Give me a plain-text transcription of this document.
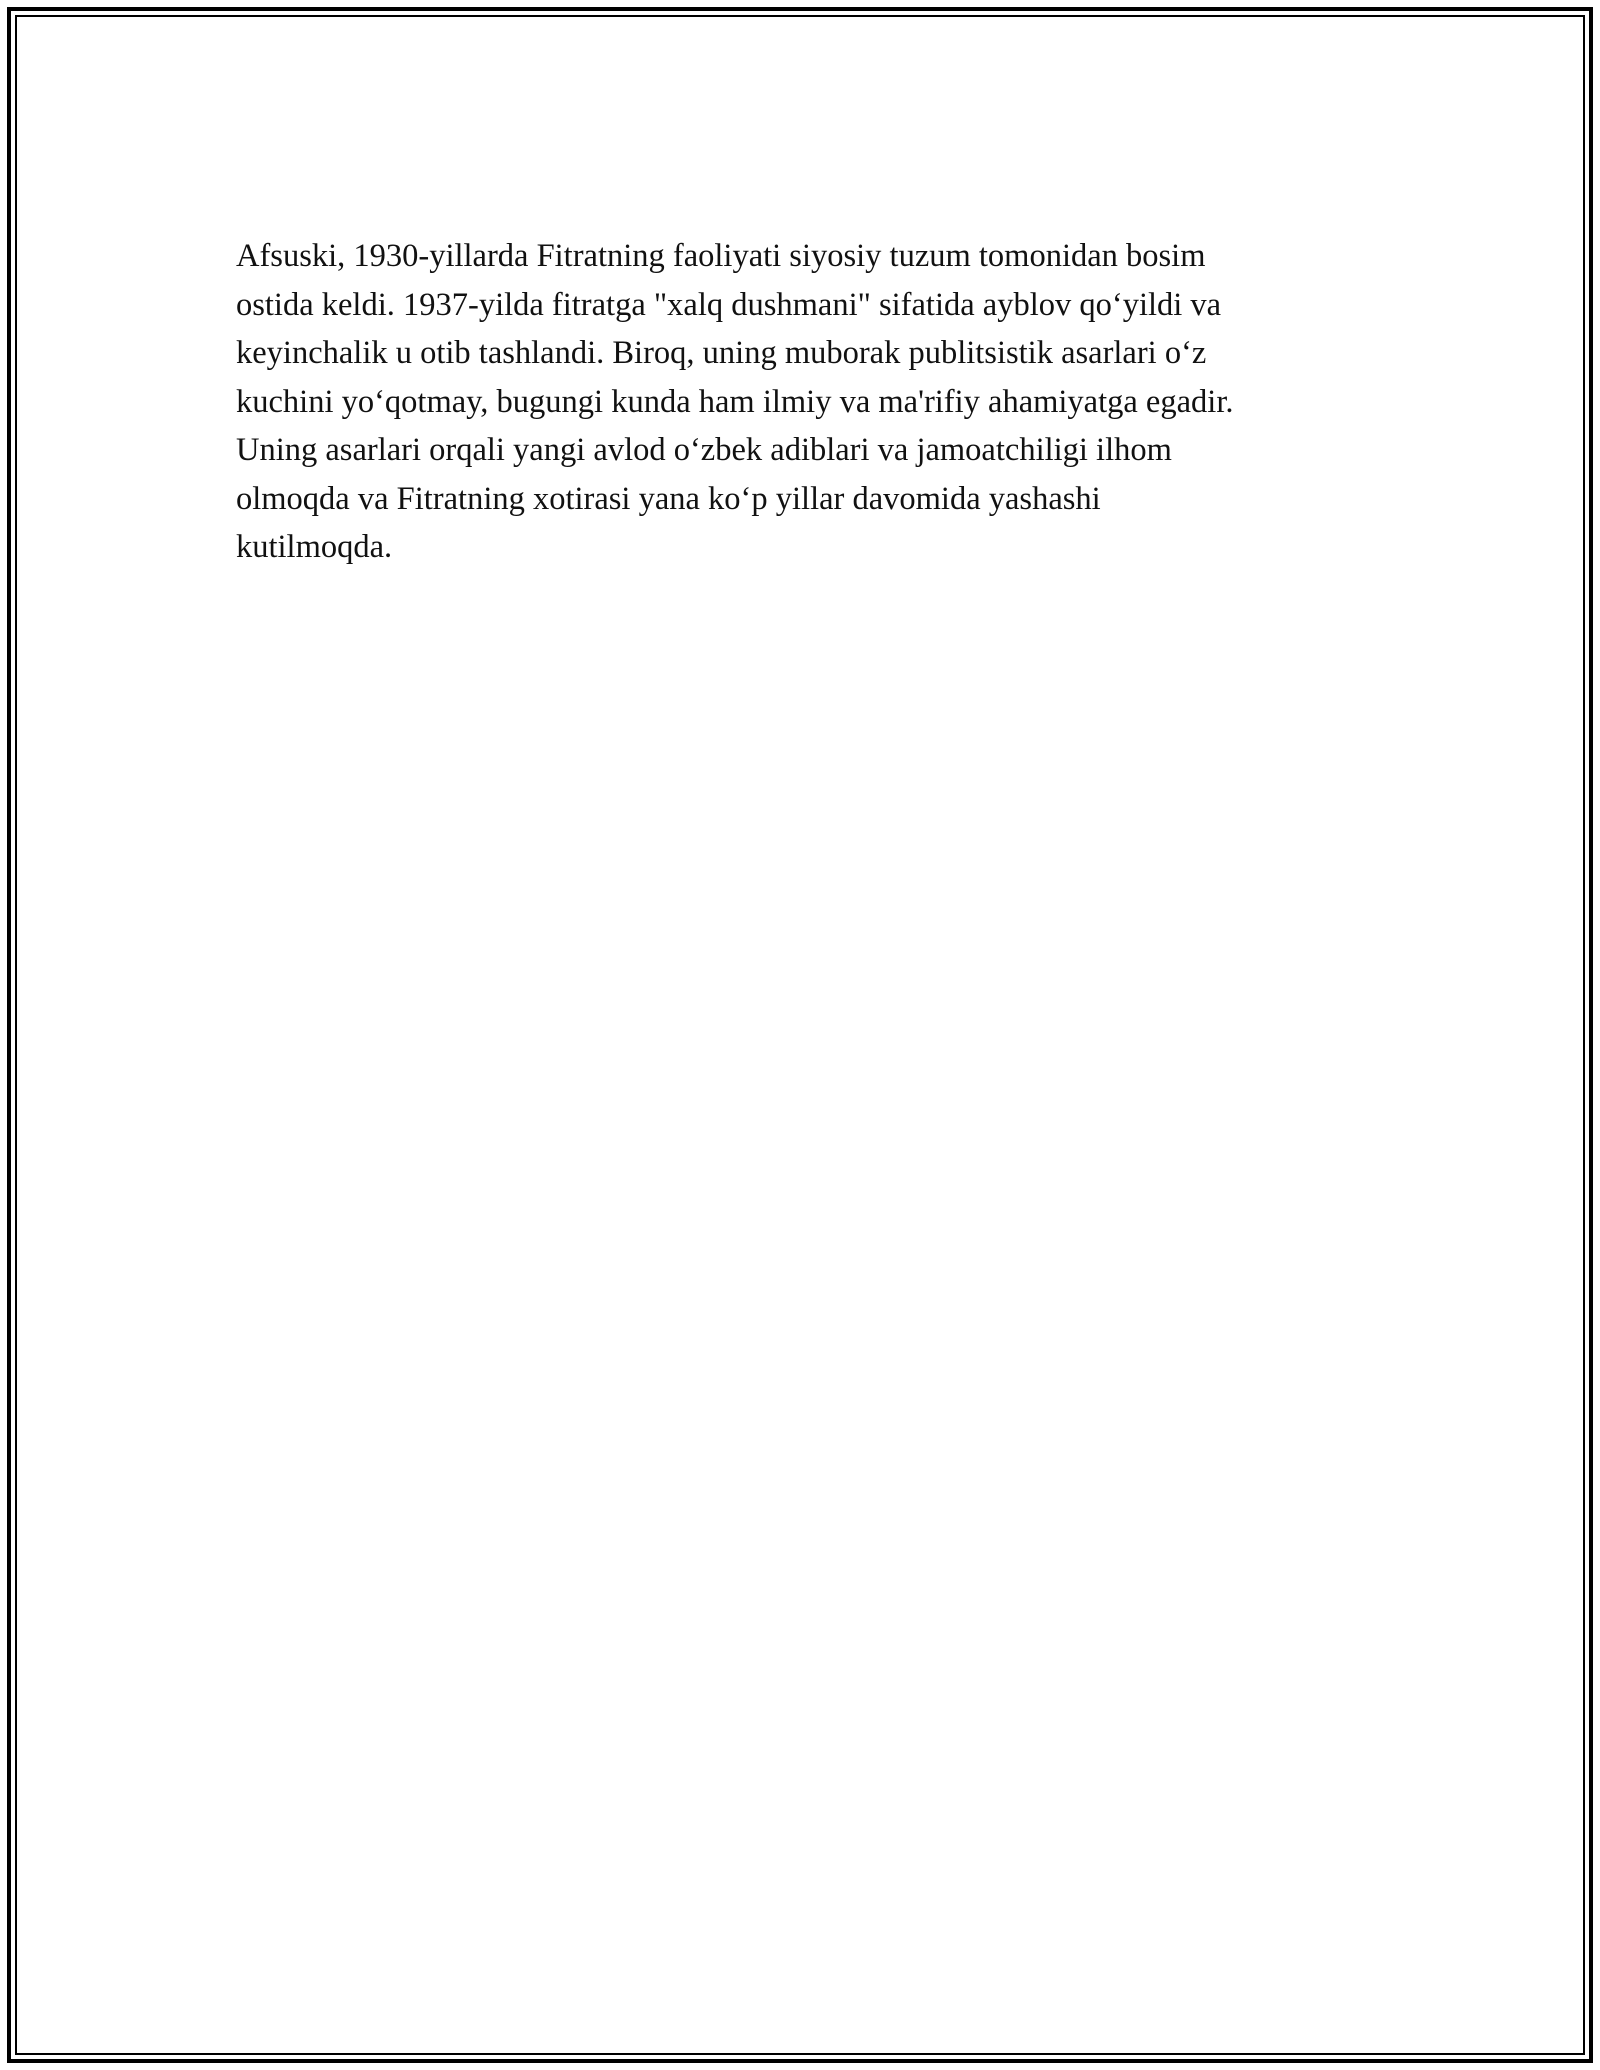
Afsuski, 1930-yillarda Fitratning faoliyati siyosiy tuzum tomonidan bosim
ostida keldi. 1937-yilda fitratga "xalq dushmani" sifatida ayblov qo‘yildi va
keyinchalik u otib tashlandi. Biroq, uning muborak publitsistik asarlari o‘z
kuchini yo‘qotmay, bugungi kunda ham ilmiy va ma'rifiy ahamiyatga egadir.
Uning asarlari orqali yangi avlod o‘zbek adiblari va jamoatchiligi ilhom
olmoqda va Fitratning xotirasi yana ko‘p yillar davomida yashashi
kutilmoqda.
